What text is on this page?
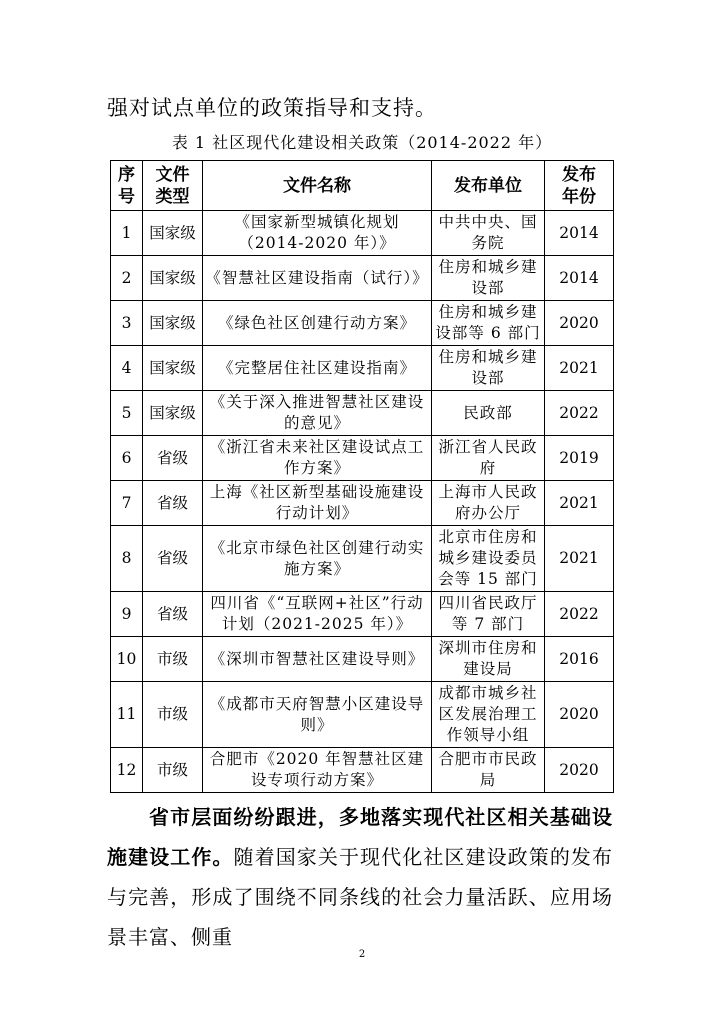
强对试点单位的政策指导和支持。
表 1 社区现代化建设相关政策（2014-2022 年）
序号	文件类型	文件名称	发布单位	发布年份
1	国家级	《国家新型城镇化规划（2014-2020 年）》	中共中央、国务院	2014
2	国家级	《智慧社区建设指南（试行）》	住房和城乡建设部	2014
3	国家级	《绿色社区创建行动方案》	住房和城乡建设部等 6 部门	2020
4	国家级	《完整居住社区建设指南》	住房和城乡建设部	2021
5	国家级	《关于深入推进智慧社区建设的意见》	民政部	2022
6	省级	《浙江省未来社区建设试点工作方案》	浙江省人民政府	2019
7	省级	上海《社区新型基础设施建设行动计划》	上海市人民政府办公厅	2021
8	省级	《北京市绿色社区创建行动实施方案》	北京市住房和城乡建设委员会等 15 部门	2021
9	省级	四川省《“互联网+社区”行动计划（2021-2025 年）》	四川省民政厅等 7 部门	2022
10	市级	《深圳市智慧社区建设导则》	深圳市住房和建设局	2016
11	市级	《成都市天府智慧小区建设导则》	成都市城乡社区发展治理工作领导小组	2020
12	市级	合肥市《2020 年智慧社区建设专项行动方案》	合肥市市民政局	2020
省市层面纷纷跟进，多地落实现代社区相关基础设施建设工作。随着国家关于现代化社区建设政策的发布与完善，形成了围绕不同条线的社会力量活跃、应用场景丰富、侧重
2
